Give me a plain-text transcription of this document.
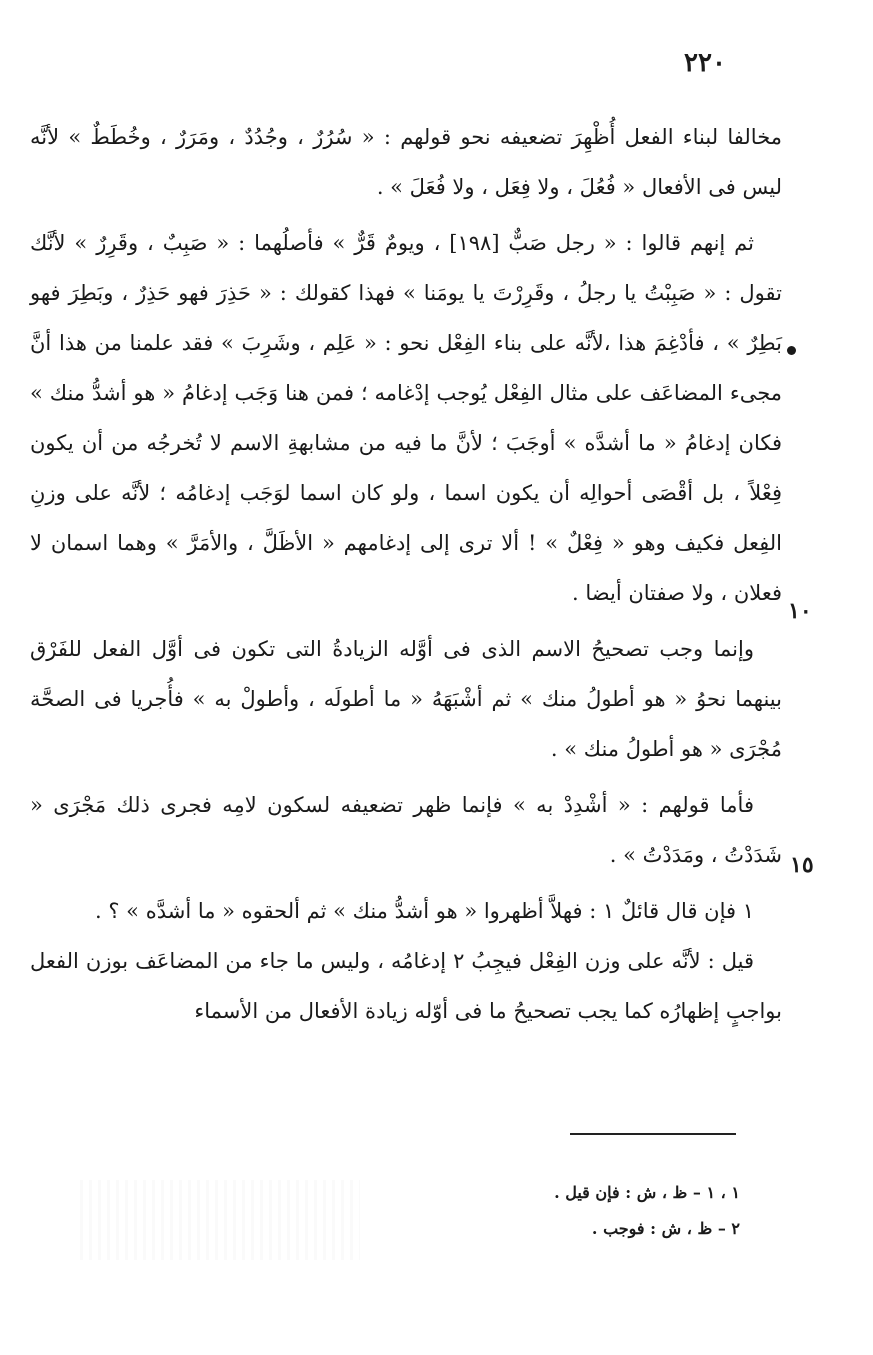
٢٢٠
١٠
١٥

مخالفا لبناء الفعل أُظْهِرَ تضعيفه نحو قولهم : « سُرُرٌ ، وجُدُدٌ ، ومَرَرٌ ، وخُطَطٌ » لأنَّه ليس فى الأفعال « فُعُلَ ، ولا فِعَل ، ولا فُعَلَ » .

ثم إنهم قالوا : « رجل صَبٌّ [١٩٨] ، ويومٌ قَرٌّ » فأصلُهما : « صَبِبٌ ، وقَرِرٌ » لأنَّك تقول : « صَبِبْتُ يا رجلُ ، وقَرِرْتَ يا يومَنا » فهذا كقولك : « حَذِرَ فهو حَذِرٌ ، وبَطِرَ فهو بَطِرٌ » ، فأدْغِمَ هذا ،لأنَّه على بناء الفِعْل نحو : « عَلِم ، وشَرِبَ » فقد علمنا من هذا أنَّ مجىء المضاعَف على مثال الفِعْل يُوجب إدْغامه ؛ فمن هنا وَجَب إدغامُ « هو أشدُّ منك » فكان إدغامُ « ما أشدَّه » أوجَبَ ؛ لأنَّ ما فيه من مشابهةِ الاسم لا تُخرجُه من أن يكون فِعْلاً ، بل أقْصَى أحوالِه أن يكون اسما ، ولو كان اسما لوَجَب إدغامُه ؛ لأنَّه على وزنِ الفِعل فكيف وهو « فِعْلٌ » ! ألا ترى إلى إدغامهم « الأظَلَّ ، والأمَرَّ » وهما اسمان لا فعلان ، ولا صفتان أيضا .

وإنما وجب تصحيحُ الاسم الذى فى أوَّله الزيادةُ التى تكون فى أوَّل الفعل للفَرْق بينهما نحوُ « هو أطولُ منك » ثم أشْبَهَهُ « ما أطولَه ، وأطولْ به » فأُجريا فى الصحَّة مُجْرَى « هو أطولُ منك » .

فأما قولهم : « أشْدِدْ به » فإنما ظهر تضعيفه لسكون لامِه فجرى ذلك مَجْرَى « شَدَدْتُ ، ومَدَدْتُ » .

١ فإن قال قائلٌ ١ : فهلاَّ أظهروا « هو أشدُّ منك » ثم ألحقوه « ما أشدَّه » ؟ .

قيل : لأنَّه على وزن الفِعْل فيجِبُ ٢ إدغامُه ، وليس ما جاء من المضاعَف بوزن الفعل بواجبٍ إظهارُه كما يجب تصحيحُ ما فى أوّله زيادة الأفعال من الأسماء

١ ، ١ – ظ ، ش : فإن قيل .
٢ – ظ ، ش : فوجب .
